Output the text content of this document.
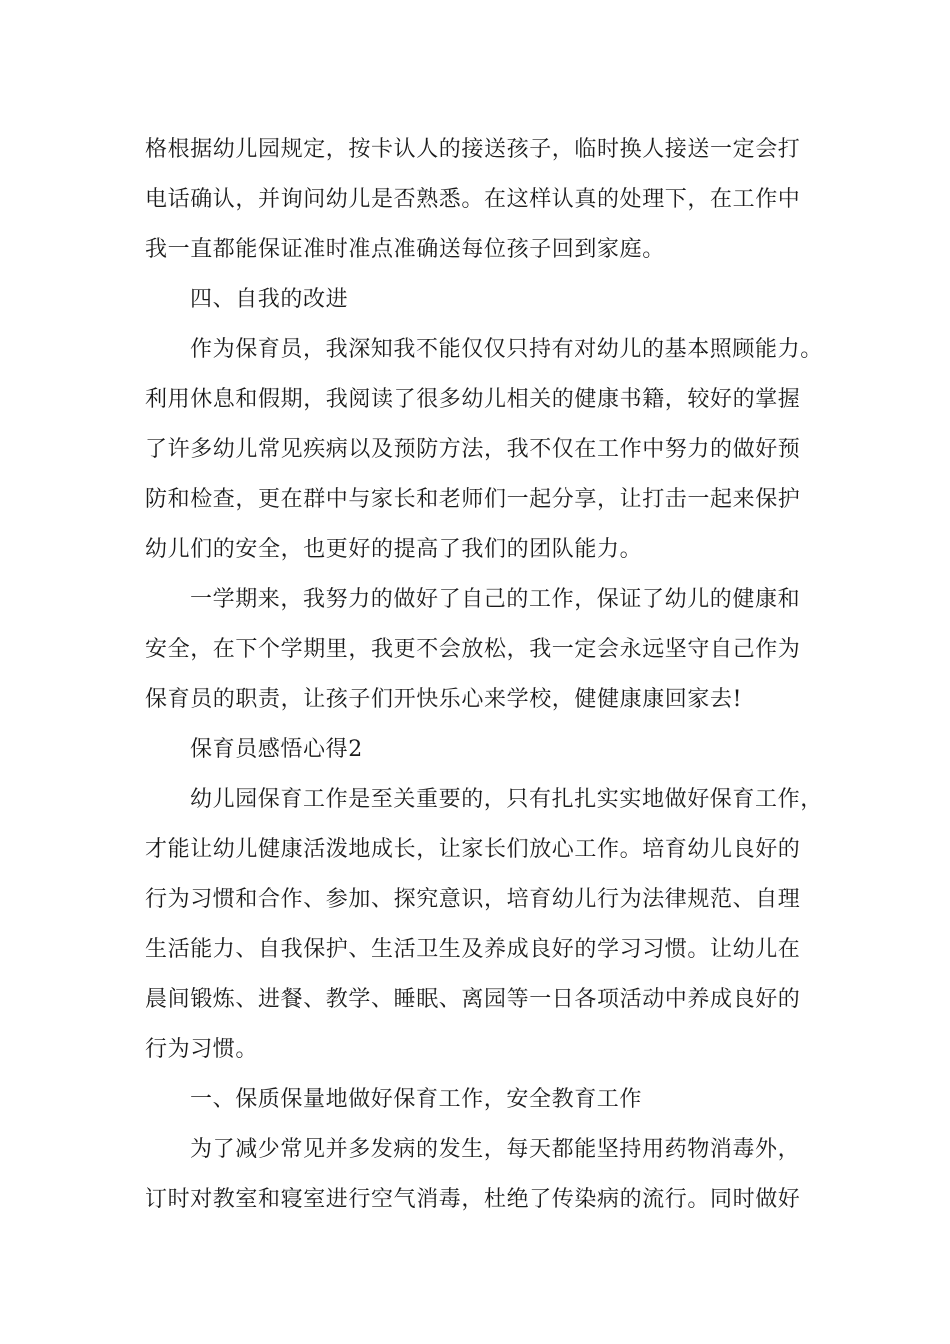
格根据幼儿园规定，按卡认人的接送孩子，临时换人接送一定会打
电话确认，并询问幼儿是否熟悉。在这样认真的处理下，在工作中
我一直都能保证准时准点准确送每位孩子回到家庭。
四、自我的改进
作为保育员，我深知我不能仅仅只持有对幼儿的基本照顾能力。
利用休息和假期，我阅读了很多幼儿相关的健康书籍，较好的掌握
了许多幼儿常见疾病以及预防方法，我不仅在工作中努力的做好预
防和检查，更在群中与家长和老师们一起分享，让打击一起来保护
幼儿们的安全，也更好的提高了我们的团队能力。
一学期来，我努力的做好了自己的工作，保证了幼儿的健康和
安全，在下个学期里，我更不会放松，我一定会永远坚守自己作为
保育员的职责，让孩子们开快乐心来学校，健健康康回家去!
保育员感悟心得2
幼儿园保育工作是至关重要的，只有扎扎实实地做好保育工作，
才能让幼儿健康活泼地成长，让家长们放心工作。培育幼儿良好的
行为习惯和合作、参加、探究意识，培育幼儿行为法律规范、自理
生活能力、自我保护、生活卫生及养成良好的学习习惯。让幼儿在
晨间锻炼、进餐、教学、睡眠、离园等一日各项活动中养成良好的
行为习惯。
一、保质保量地做好保育工作，安全教育工作
为了减少常见并多发病的发生，每天都能坚持用药物消毒外，
订时对教室和寝室进行空气消毒，杜绝了传染病的流行。同时做好
